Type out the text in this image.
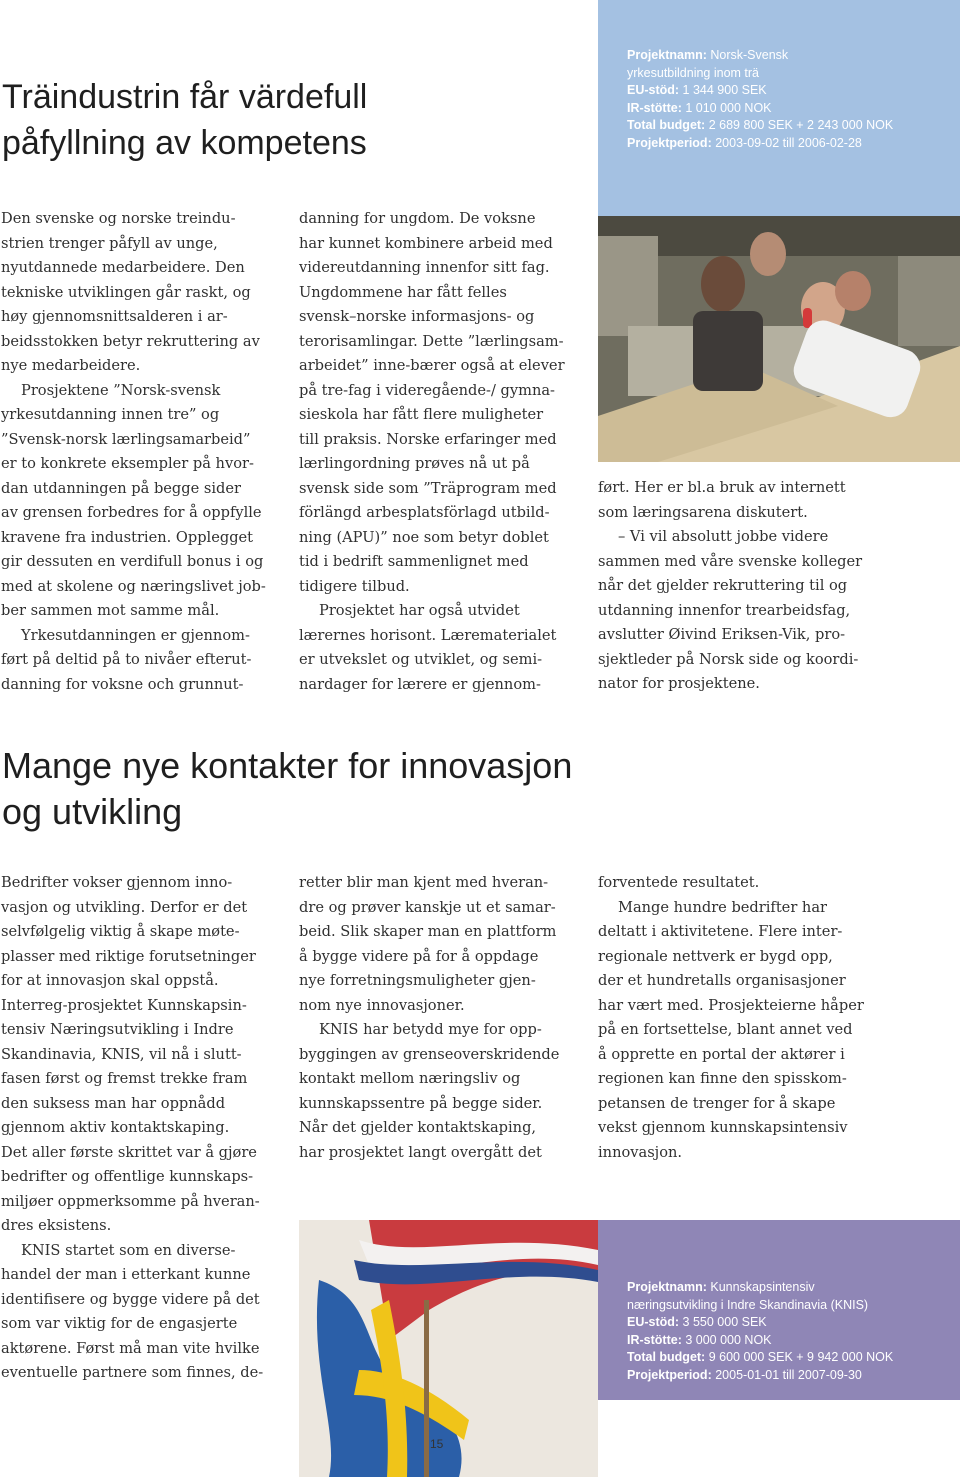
Träindustrin får värdefull
påfyllning av kompetens
Projektnamn: Norsk-Svensk
yrkesutbildning inom trä
EU-stöd: 1 344 900 SEK
IR-stötte: 1 010 000 NOK
Total budget: 2 689 800 SEK + 2 243 000 NOK
Projektperiod: 2003-09-02 till 2006-02-28

Den svenske og norske treindu-
strien trenger påfyll av unge,
nyutdannede medarbeidere. Den
tekniske utviklingen går raskt, og
høy gjennomsnittsalderen i ar-
beidsstokken betyr rekruttering av
nye medarbeidere.

Prosjektene ”Norsk-svensk
yrkesutdanning innen tre” og
”Svensk-norsk lærlingsamarbeid”
er to konkrete eksempler på hvor-
dan utdanningen på begge sider
av grensen forbedres for å oppfylle
kravene fra industrien. Opplegget
gir dessuten en verdifull bonus i og
med at skolene og næringslivet job-
ber sammen mot samme mål.

Yrkesutdanningen er gjennom-
ført på deltid på to nivåer efterut-
danning for voksne och grunnut-

danning for ungdom. De voksne
har kunnet kombinere arbeid med
videreutdanning innenfor sitt fag.
Ungdommene har fått felles
svensk–norske informasjons- og
terorisamlingar. Dette ”lærlingsam-
arbeidet” inne-bærer også at elever
på tre-fag i videregående-/ gymna-
sieskola har fått flere muligheter
till praksis. Norske erfaringer med
lærlingordning prøves nå ut på
svensk side som ”Träprogram med
förlängd arbesplatsförlagd utbild-
ning (APU)” noe som betyr doblet
tid i bedrift sammenlignet med
tidigere tilbud.

Prosjektet har også utvidet
lærernes horisont. Lærematerialet
er utvekslet og utviklet, og semi-
nardager for lærere er gjennom-

ført. Her er bl.a bruk av internett
som læringsarena diskutert.

– Vi vil absolutt jobbe videre
sammen med våre svenske kolleger
når det gjelder rekruttering til og
utdanning innenfor trearbeidsfag,
avslutter Øivind Eriksen-Vik, pro-
sjektleder på Norsk side og koordi-
nator for prosjektene.

Mange nye kontakter for innovasjon
og utvikling

Bedrifter vokser gjennom inno-
vasjon og utvikling. Derfor er det
selvfølgelig viktig å skape møte-
plasser med riktige forutsetninger
for at innovasjon skal oppstå.
Interreg-prosjektet Kunnskapsin-
tensiv Næringsutvikling i Indre
Skandinavia, KNIS, vil nå i slutt-
fasen først og fremst trekke fram
den suksess man har oppnådd
gjennom aktiv kontaktskaping.
Det aller første skrittet var å gjøre
bedrifter og offentlige kunnskaps-
miljøer oppmerksomme på hveran-
dres eksistens.

KNIS startet som en diverse-
handel der man i etterkant kunne
identifisere og bygge videre på det
som var viktig for de engasjerte
aktørene. Først må man vite hvilke
eventuelle partnere som finnes, de-

retter blir man kjent med hveran-
dre og prøver kanskje ut et samar-
beid. Slik skaper man en plattform
å bygge videre på for å oppdage
nye forretningsmuligheter gjen-
nom nye innovasjoner.

KNIS har betydd mye for opp-
byggingen av grenseoverskridende
kontakt mellom næringsliv og
kunnskapssentre på begge sider.
Når det gjelder kontaktskaping,
har prosjektet langt overgått det

forventede resultatet.

Mange hundre bedrifter har
deltatt i aktivitetene. Flere inter-
regionale nettverk er bygd opp,
der et hundretalls organisasjoner
har vært med. Prosjekteierne håper
på en fortsettelse, blant annet ved
å opprette en portal der aktører i
regionen kan finne den spisskom-
petansen de trenger for å skape
vekst gjennom kunnskapsintensiv
innovasjon.

Projektnamn: Kunnskapsintensiv
næringsutvikling i Indre Skandinavia (KNIS)
EU-stöd: 3 550 000 SEK
IR-stötte: 3 000 000 NOK
Total budget: 9 600 000 SEK + 9 942 000 NOK
Projektperiod: 2005-01-01 till 2007-09-30
15
